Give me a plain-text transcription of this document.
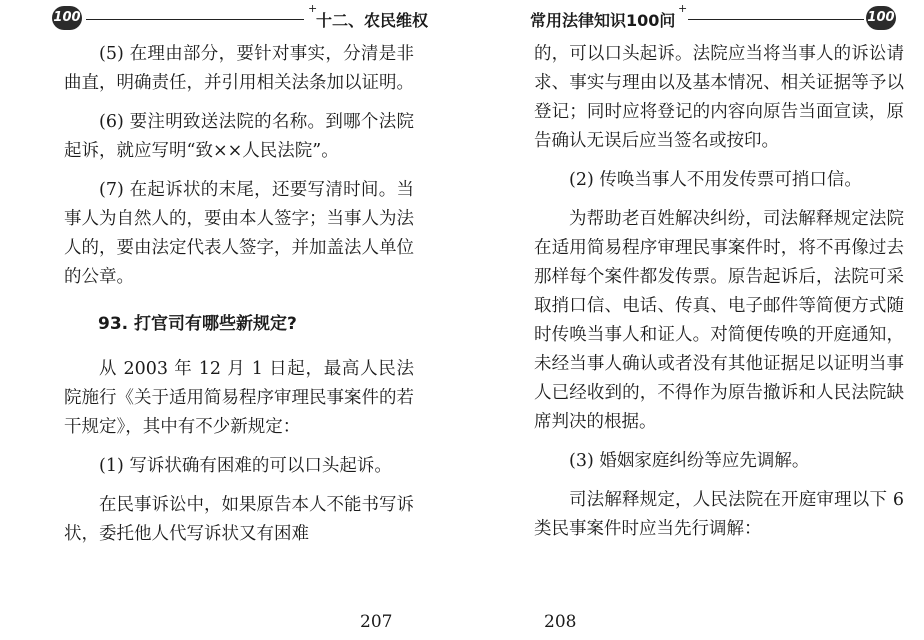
100
+
十二、农民维权

(5) 在理由部分，要针对事实，分清是非曲直，明确责任，并引用相关法条加以证明。

(6) 要注明致送法院的名称。到哪个法院起诉，就应写明“致××人民法院”。

(7) 在起诉状的末尾，还要写清时间。当事人为自然人的，要由本人签字；当事人为法人的，要由法定代表人签字，并加盖法人单位的公章。

93. 打官司有哪些新规定?

从 2003 年 12 月 1 日起，最高人民法院施行《关于适用简易程序审理民事案件的若干规定》，其中有不少新规定：

(1) 写诉状确有困难的可以口头起诉。

在民事诉讼中，如果原告本人不能书写诉状，委托他人代写诉状又有困难

207
常用法律知识100问
+
100

的，可以口头起诉。法院应当将当事人的诉讼请求、事实与理由以及基本情况、相关证据等予以登记；同时应将登记的内容向原告当面宣读，原告确认无误后应当签名或按印。

(2) 传唤当事人不用发传票可捎口信。

为帮助老百姓解决纠纷，司法解释规定法院在适用简易程序审理民事案件时，将不再像过去那样每个案件都发传票。原告起诉后，法院可采取捎口信、电话、传真、电子邮件等简便方式随时传唤当事人和证人。对简便传唤的开庭通知，未经当事人确认或者没有其他证据足以证明当事人已经收到的，不得作为原告撤诉和人民法院缺席判决的根据。

(3) 婚姻家庭纠纷等应先调解。

司法解释规定，人民法院在开庭审理以下 6 类民事案件时应当先行调解：

208
